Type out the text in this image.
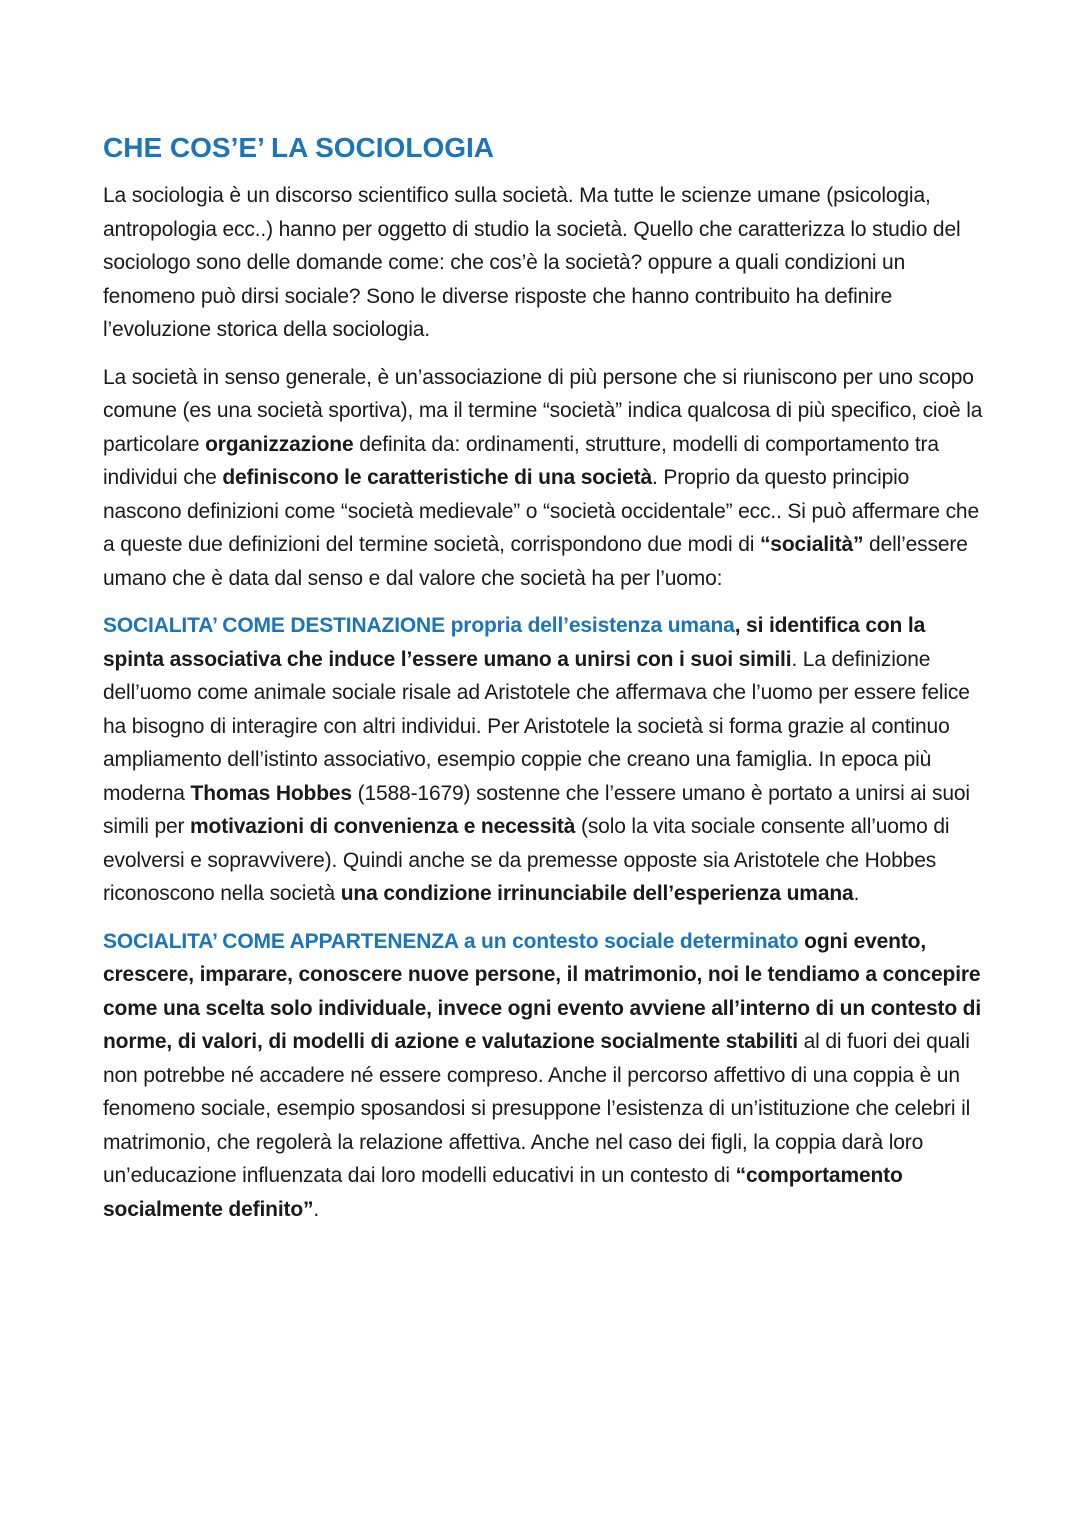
CHE COS’E’ LA SOCIOLOGIA

La sociologia è un discorso scientifico sulla società. Ma tutte le scienze umane (psicologia, antropologia ecc..) hanno per oggetto di studio la società. Quello che caratterizza lo studio del sociologo sono delle domande come: che cos’è la società? oppure a quali condizioni un fenomeno può dirsi sociale? Sono le diverse risposte che hanno contribuito ha definire l’evoluzione storica della sociologia.

La società in senso generale, è un’associazione di più persone che si riuniscono per uno scopo comune (es una società sportiva), ma il termine “società” indica qualcosa di più specifico, cioè la particolare organizzazione definita da: ordinamenti, strutture, modelli di comportamento tra individui che definiscono le caratteristiche di una società. Proprio da questo principio nascono definizioni come “società medievale” o “società occidentale” ecc.. Si può affermare che a queste due definizioni del termine società, corrispondono due modi di “socialità” dell’essere umano che è data dal senso e dal valore che società ha per l’uomo:

SOCIALITA’ COME DESTINAZIONE propria dell’esistenza umana, si identifica con la spinta associativa che induce l’essere umano a unirsi con i suoi simili. La definizione dell’uomo come animale sociale risale ad Aristotele che affermava che l’uomo per essere felice ha bisogno di interagire con altri individui. Per Aristotele la società si forma grazie al continuo ampliamento dell’istinto associativo, esempio coppie che creano una famiglia. In epoca più moderna Thomas Hobbes (1588-1679) sostenne che l’essere umano è portato a unirsi ai suoi simili per motivazioni di convenienza e necessità (solo la vita sociale consente all’uomo di evolversi e sopravvivere). Quindi anche se da premesse opposte sia Aristotele che Hobbes riconoscono nella società una condizione irrinunciabile dell’esperienza umana.

SOCIALITA’ COME APPARTENENZA a un contesto sociale determinato ogni evento, crescere, imparare, conoscere nuove persone, il matrimonio, noi le tendiamo a concepire come una scelta solo individuale, invece ogni evento avviene all’interno di un contesto di norme, di valori, di modelli di azione e valutazione socialmente stabiliti al di fuori dei quali non potrebbe né accadere né essere compreso. Anche il percorso affettivo di una coppia è un fenomeno sociale, esempio sposandosi si presuppone l’esistenza di un’istituzione che celebri il matrimonio, che regolerà la relazione affettiva. Anche nel caso dei figli, la coppia darà loro un’educazione influenzata dai loro modelli educativi in un contesto di “comportamento socialmente definito”.
